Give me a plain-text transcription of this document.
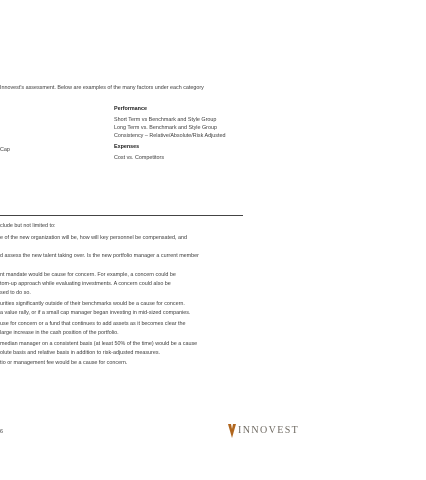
Innovest's assessment. Below are examples of the many factors under each category
Performance
Short Term vs Benchmark and Style Group
Long Term vs. Benchmark and Style Group
Consistency – Relative/Absolute/Risk Adjusted
Cap	Expenses
Cost vs. Competitors
clude but not limited to:
e of the new organization will be, how will key personnel be compensated, and
d assess the new talent taking over. Is the new portfolio manager a current member
nt mandate would be cause for concern. For example, a concern could be
tom-up approach while evaluating investments. A concern could also be
sed to do so.
urities significantly outside of their benchmarks would be a cause for concern.
a value rally, or if a small cap manager began investing in mid-sized companies.
use for concern or a fund that continues to add assets as it becomes clear the
large increase in the cash position of the portfolio.
median manager on a consistent basis (at least 50% of the time) would be a cause
olute basis and relative basis in addition to risk-adjusted measures.
tio or management fee would be a cause for concern.
6	INNOVEST
